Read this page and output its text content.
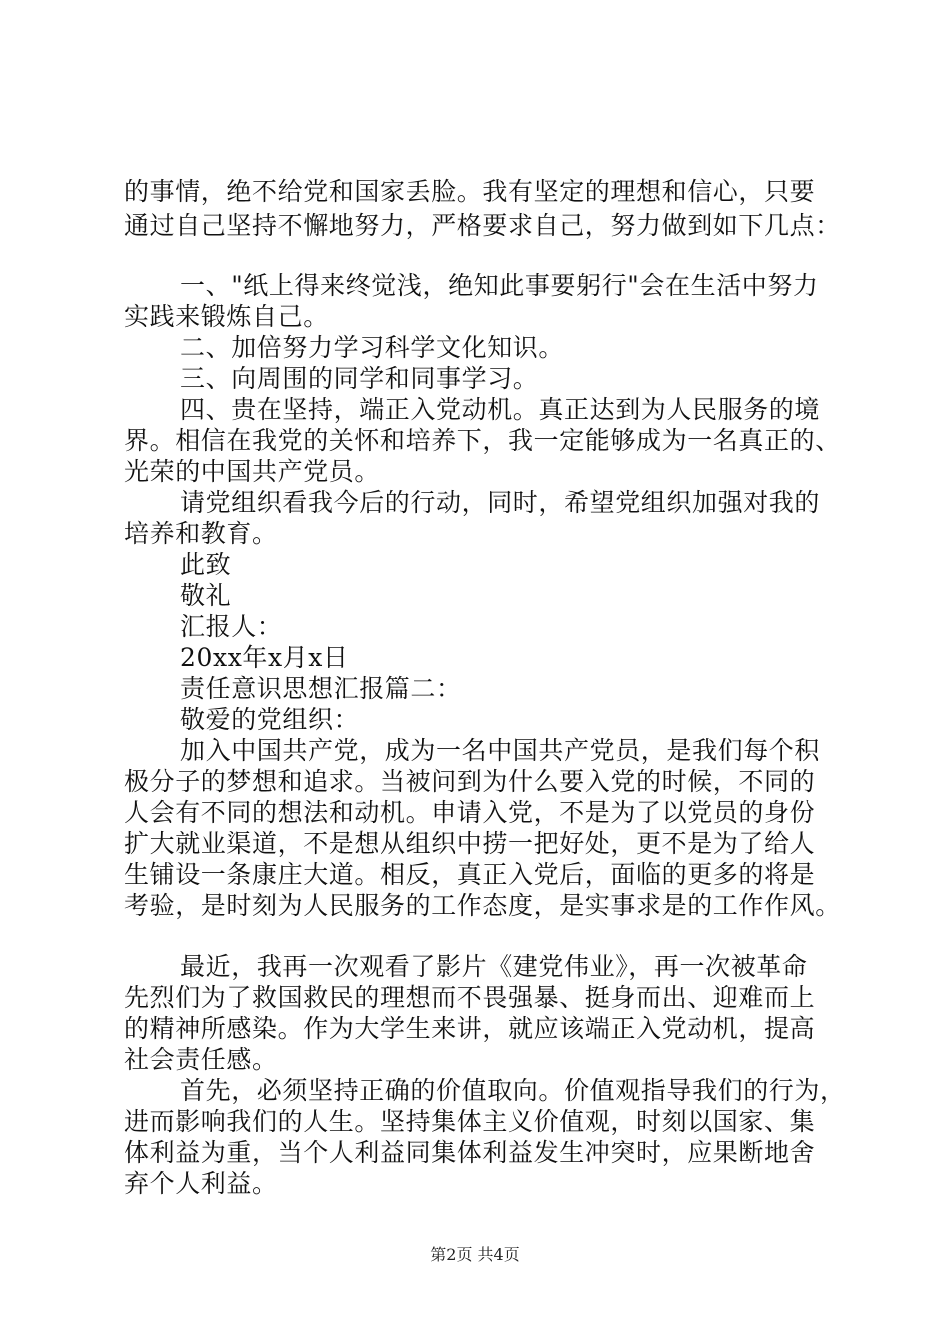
的事情，绝不给党和国家丢脸。我有坚定的理想和信心，只要
通过自己坚持不懈地努力，严格要求自己，努力做到如下几点：
一、"纸上得来终觉浅，绝知此事要躬行"会在生活中努力
实践来锻炼自己。
二、加倍努力学习科学文化知识。
三、向周围的同学和同事学习。
四、贵在坚持，端正入党动机。真正达到为人民服务的境
界。相信在我党的关怀和培养下，我一定能够成为一名真正的、
光荣的中国共产党员。
请党组织看我今后的行动，同时，希望党组织加强对我的
培养和教育。
此致
敬礼
汇报人：
20xx年x月x日
责任意识思想汇报篇二：
敬爱的党组织：
加入中国共产党，成为一名中国共产党员，是我们每个积
极分子的梦想和追求。当被问到为什么要入党的时候，不同的
人会有不同的想法和动机。申请入党，不是为了以党员的身份
扩大就业渠道，不是想从组织中捞一把好处，更不是为了给人
生铺设一条康庄大道。相反，真正入党后，面临的更多的将是
考验，是时刻为人民服务的工作态度，是实事求是的工作作风。
最近，我再一次观看了影片《建党伟业》，再一次被革命
先烈们为了救国救民的理想而不畏强暴、挺身而出、迎难而上
的精神所感染。作为大学生来讲，就应该端正入党动机，提高
社会责任感。
首先，必须坚持正确的价值取向。价值观指导我们的行为，
进而影响我们的人生。坚持集体主义价值观，时刻以国家、集
体利益为重，当个人利益同集体利益发生冲突时，应果断地舍
弃个人利益。
第2页 共4页
